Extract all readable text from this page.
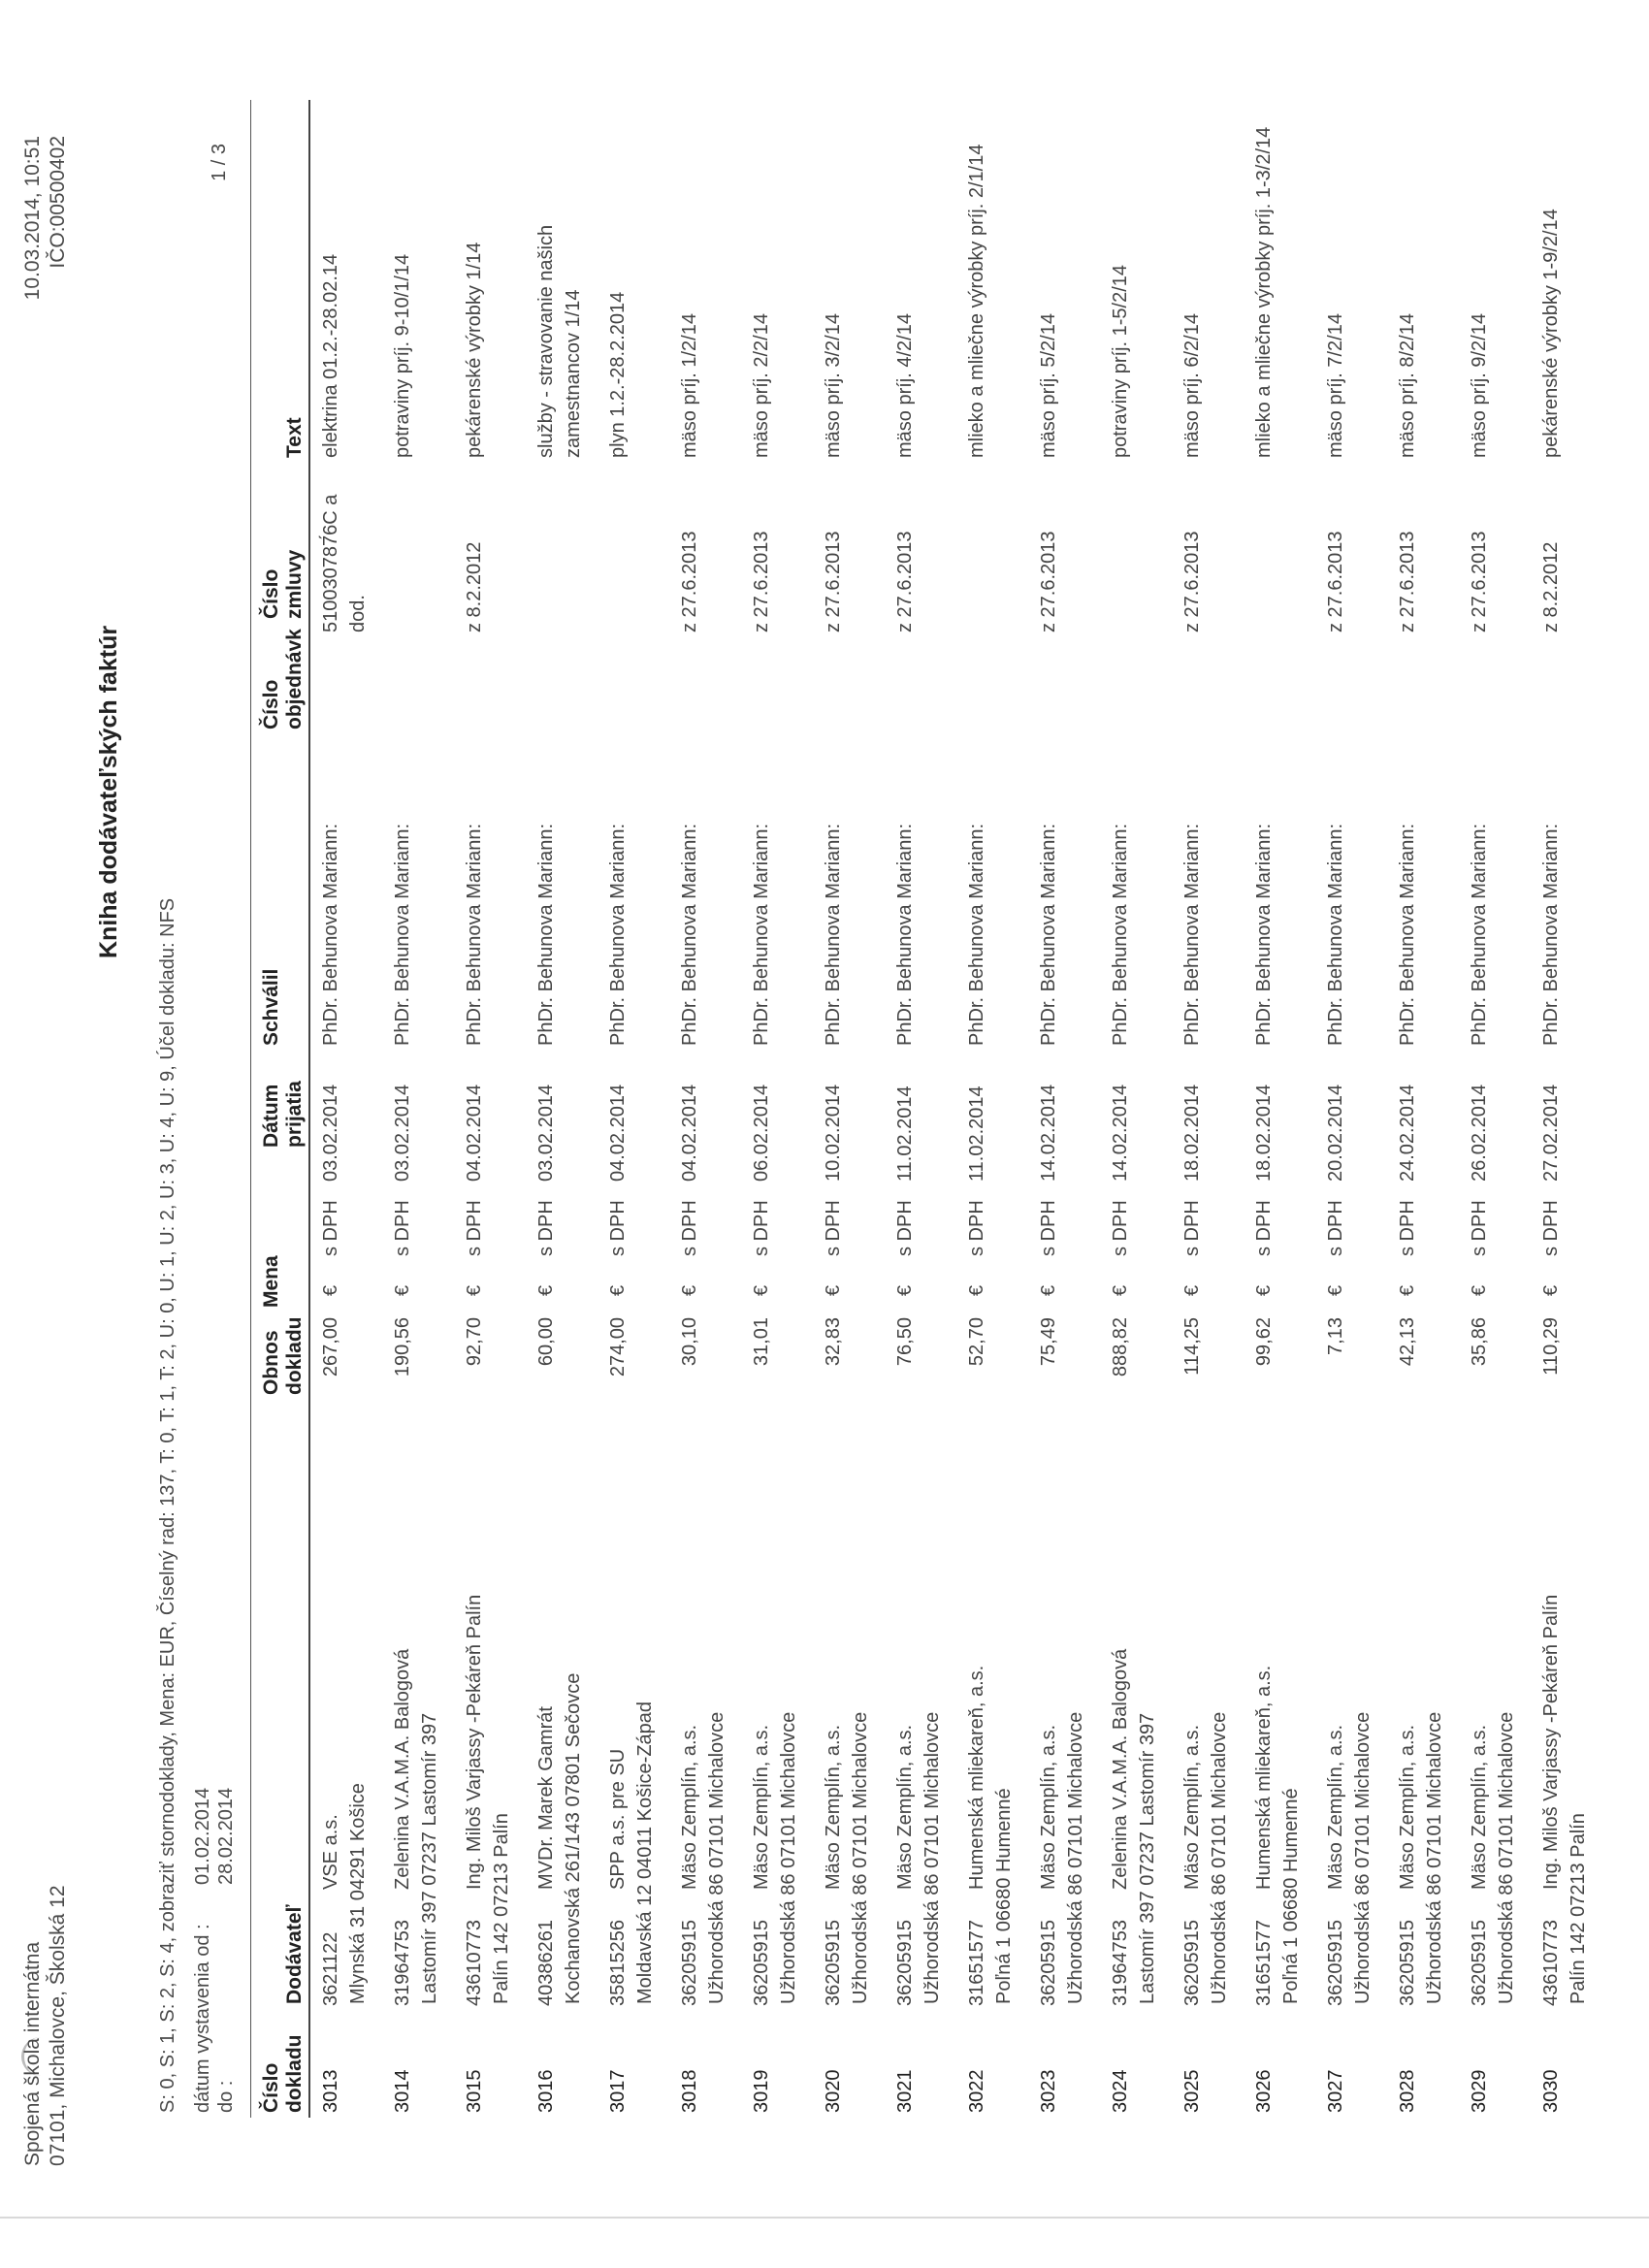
Spojená škola internátna 07101, Michalovce, Školská 12
10.03.2014, 10:51 IČO:00500402
Kniha dodávateľských faktúr
S: 0, S: 1, S: 2, S: 4, zobraziť stornodoklady, Mena: EUR, Číselný rad: 137, T: 0, T: 1, T: 2, U: 0, U: 1, U: 2, U: 3, U: 4, U: 9, Účel dokladu: NFS dátum vystavenia od :
01.02.2014
do :
28.02.2014
1 / 3
Číslo dokladu
Dodávateľ
Obnos dokladu
Mena
Dátum prijatia
Schválil
Číslo objednávk
Číslo zmluvy
Text
3013
3621122
VSE a.s. Mlynská 31 04291 Košice
267,00
€
s DPH
03.02.2014
PhDr. Behunova Mariann:
510030787́6C a dod.
elektrina 01.2.-28.02.14
3014
31964753
Zelenina V.A.M.A. Balogová Lastomír 397 07237 Lastomír 397
190,56
€
s DPH
03.02.2014
PhDr. Behunova Mariann:
potraviny príj. 9-10/1/14
3015
43610773
Ing. Miloš Varjassy -Pekáreň Palín
Palín 142 07213 Palín
92,70
€
s DPH
04.02.2014
PhDr. Behunova Mariann:
z 8.2.2012
pekárenské výrobky 1/14
3016
40386261
MVDr. Marek Gamrát Kochanovská 261/143 07801 Sečovce
60,00
€
s DPH
03.02.2014
PhDr. Behunova Mariann:
služby - stravovanie našich zamestnancov 1/14
3017
35815256
SPP a.s. pre SU Moldavská 12 04011 Košice-Západ
274,00
€
s DPH
04.02.2014
PhDr. Behunova Mariann:
plyn 1.2.-28.2.2014
3018
36205915
Mäso Zemplín, a.s. Užhorodská 86 07101 Michalovce
30,10
€
s DPH
04.02.2014
PhDr. Behunova Mariann:
z 27.6.2013
mäso príj. 1/2/14
3019
36205915
Mäso Zemplín, a.s. Užhorodská 86 07101 Michalovce
31,01
€
s DPH
06.02.2014
PhDr. Behunova Mariann:
z 27.6.2013
mäso príj. 2/2/14
3020
36205915
Mäso Zemplín, a.s. Užhorodská 86 07101 Michalovce
32,83
€
s DPH
10.02.2014
PhDr. Behunova Mariann:
z 27.6.2013
mäso príj. 3/2/14
3021
36205915
Mäso Zemplín, a.s. Užhorodská 86 07101 Michalovce
76,50
€
s DPH
11.02.2014
PhDr. Behunova Mariann:
z 27.6.2013
mäso príj. 4/2/14
3022
31651577
Humenská mliekareň, a.s.
Poľná 1 06680 Humenné
52,70
€
s DPH
11.02.2014
PhDr. Behunova Mariann:
mlieko a mliečne výrobky príj. 2/1/14
3023
36205915
Mäso Zemplín, a.s. Užhorodská 86 07101 Michalovce
75,49
€
s DPH
14.02.2014
PhDr. Behunova Mariann:
z 27.6.2013
mäso príj. 5/2/14
3024
31964753
Zelenina V.A.M.A. Balogová Lastomír 397 07237 Lastomír 397
888,82
€
s DPH
14.02.2014
PhDr. Behunova Mariann:
potraviny príj. 1-5/2/14
3025
36205915
Mäso Zemplín, a.s. Užhorodská 86 07101 Michalovce
114,25
€
s DPH
18.02.2014
PhDr. Behunova Mariann:
z 27.6.2013
mäso príj. 6/2/14
3026
31651577
Humenská mliekareň, a.s.
Poľná 1 06680 Humenné
99,62
€
s DPH
18.02.2014
PhDr. Behunova Mariann:
mlieko a mliečne výrobky príj. 1-3/2/14
3027
36205915
Mäso Zemplín, a.s. Užhorodská 86 07101 Michalovce
7,13
€
s DPH
20.02.2014
PhDr. Behunova Mariann:
z 27.6.2013
mäso príj. 7/2/14
3028
36205915
Mäso Zemplín, a.s. Užhorodská 86 07101 Michalovce
42,13
€
s DPH
24.02.2014
PhDr. Behunova Mariann:
z 27.6.2013
mäso príj. 8/2/14
3029
36205915
Mäso Zemplín, a.s. Užhorodská 86 07101 Michalovce
35,86
€
s DPH
26.02.2014
PhDr. Behunova Mariann:
z 27.6.2013
mäso príj. 9/2/14
3030
43610773
Ing. Miloš Varjassy -Pekáreň Palín
Palín 142 07213 Palín
110,29
€
s DPH
27.02.2014
PhDr. Behunova Mariann:
z 8.2.2012
pekárenské výrobky 1-9/2/14
